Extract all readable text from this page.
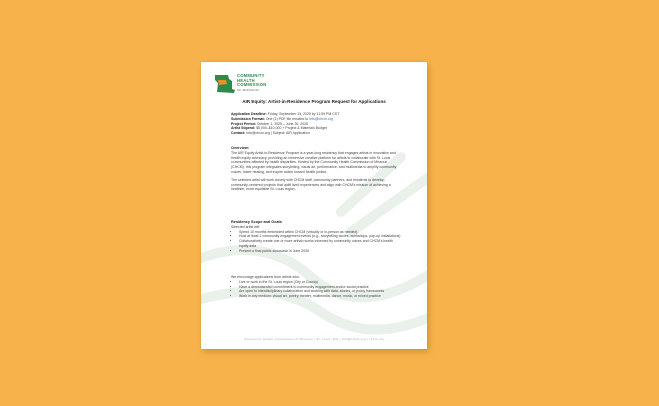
COMMUNITY
HEALTH
COMMISSION
OF MISSOURI
AIR Equity: Artist-in-Residence Program Request for Applications
Application Deadline: Friday, September 19, 2025 by 11:59 PM CST
Submission Format: One (1) PDF file emailed to info@chcm.org
Project Period: October 1, 2025 – June 30, 2026
Artist Stipend: $5,000–$10,000 + Project & Materials Budget
Contact: info@chcm.org | Subject: AIR Application
Overview:
The AIR Equity Artist-in-Residence Program is a year-long residency that engages artists in innovative and health equity advocacy, providing an immersive creative platform for artists to collaborate with St. Louis communities affected by health disparities. Hosted by the Community Health Commission of Missouri (CHCM), this program integrates storytelling, visual art, performance, and multimedia to amplify community voices, foster healing, and inspire action toward health justice.
The selected artist will work closely with CHCM staff, community partners, and residents to develop community-centered projects that uplift lived experiences and align with CHCM's mission of achieving a healthier, more equitable St. Louis region.
Residency Scope and Goals
Selected artist will:
• Spend 10 months embedded within CHCM (virtually or in-person as needed)
• Host at least 1 community engagement events (e.g., storytelling circles, workshops, pop-up installations)
• Collaboratively create one or more artistic works informed by community voices and CHCM's health equity data
• Present a final public showcase in June 2026
We encourage applications from artists who:
• Live or work in the St. Louis region (City or County)
• Have a demonstrated commitment to community engagement and/or social practice
• Are open to interdisciplinary collaboration and working with data, stories, or policy frameworks
• Work in any medium: visual art, poetry, theater, multimedia, dance, music, or mixed practice
Community Health Commission of Missouri | St. Louis, MO | info@chcm.org | chcm.org
